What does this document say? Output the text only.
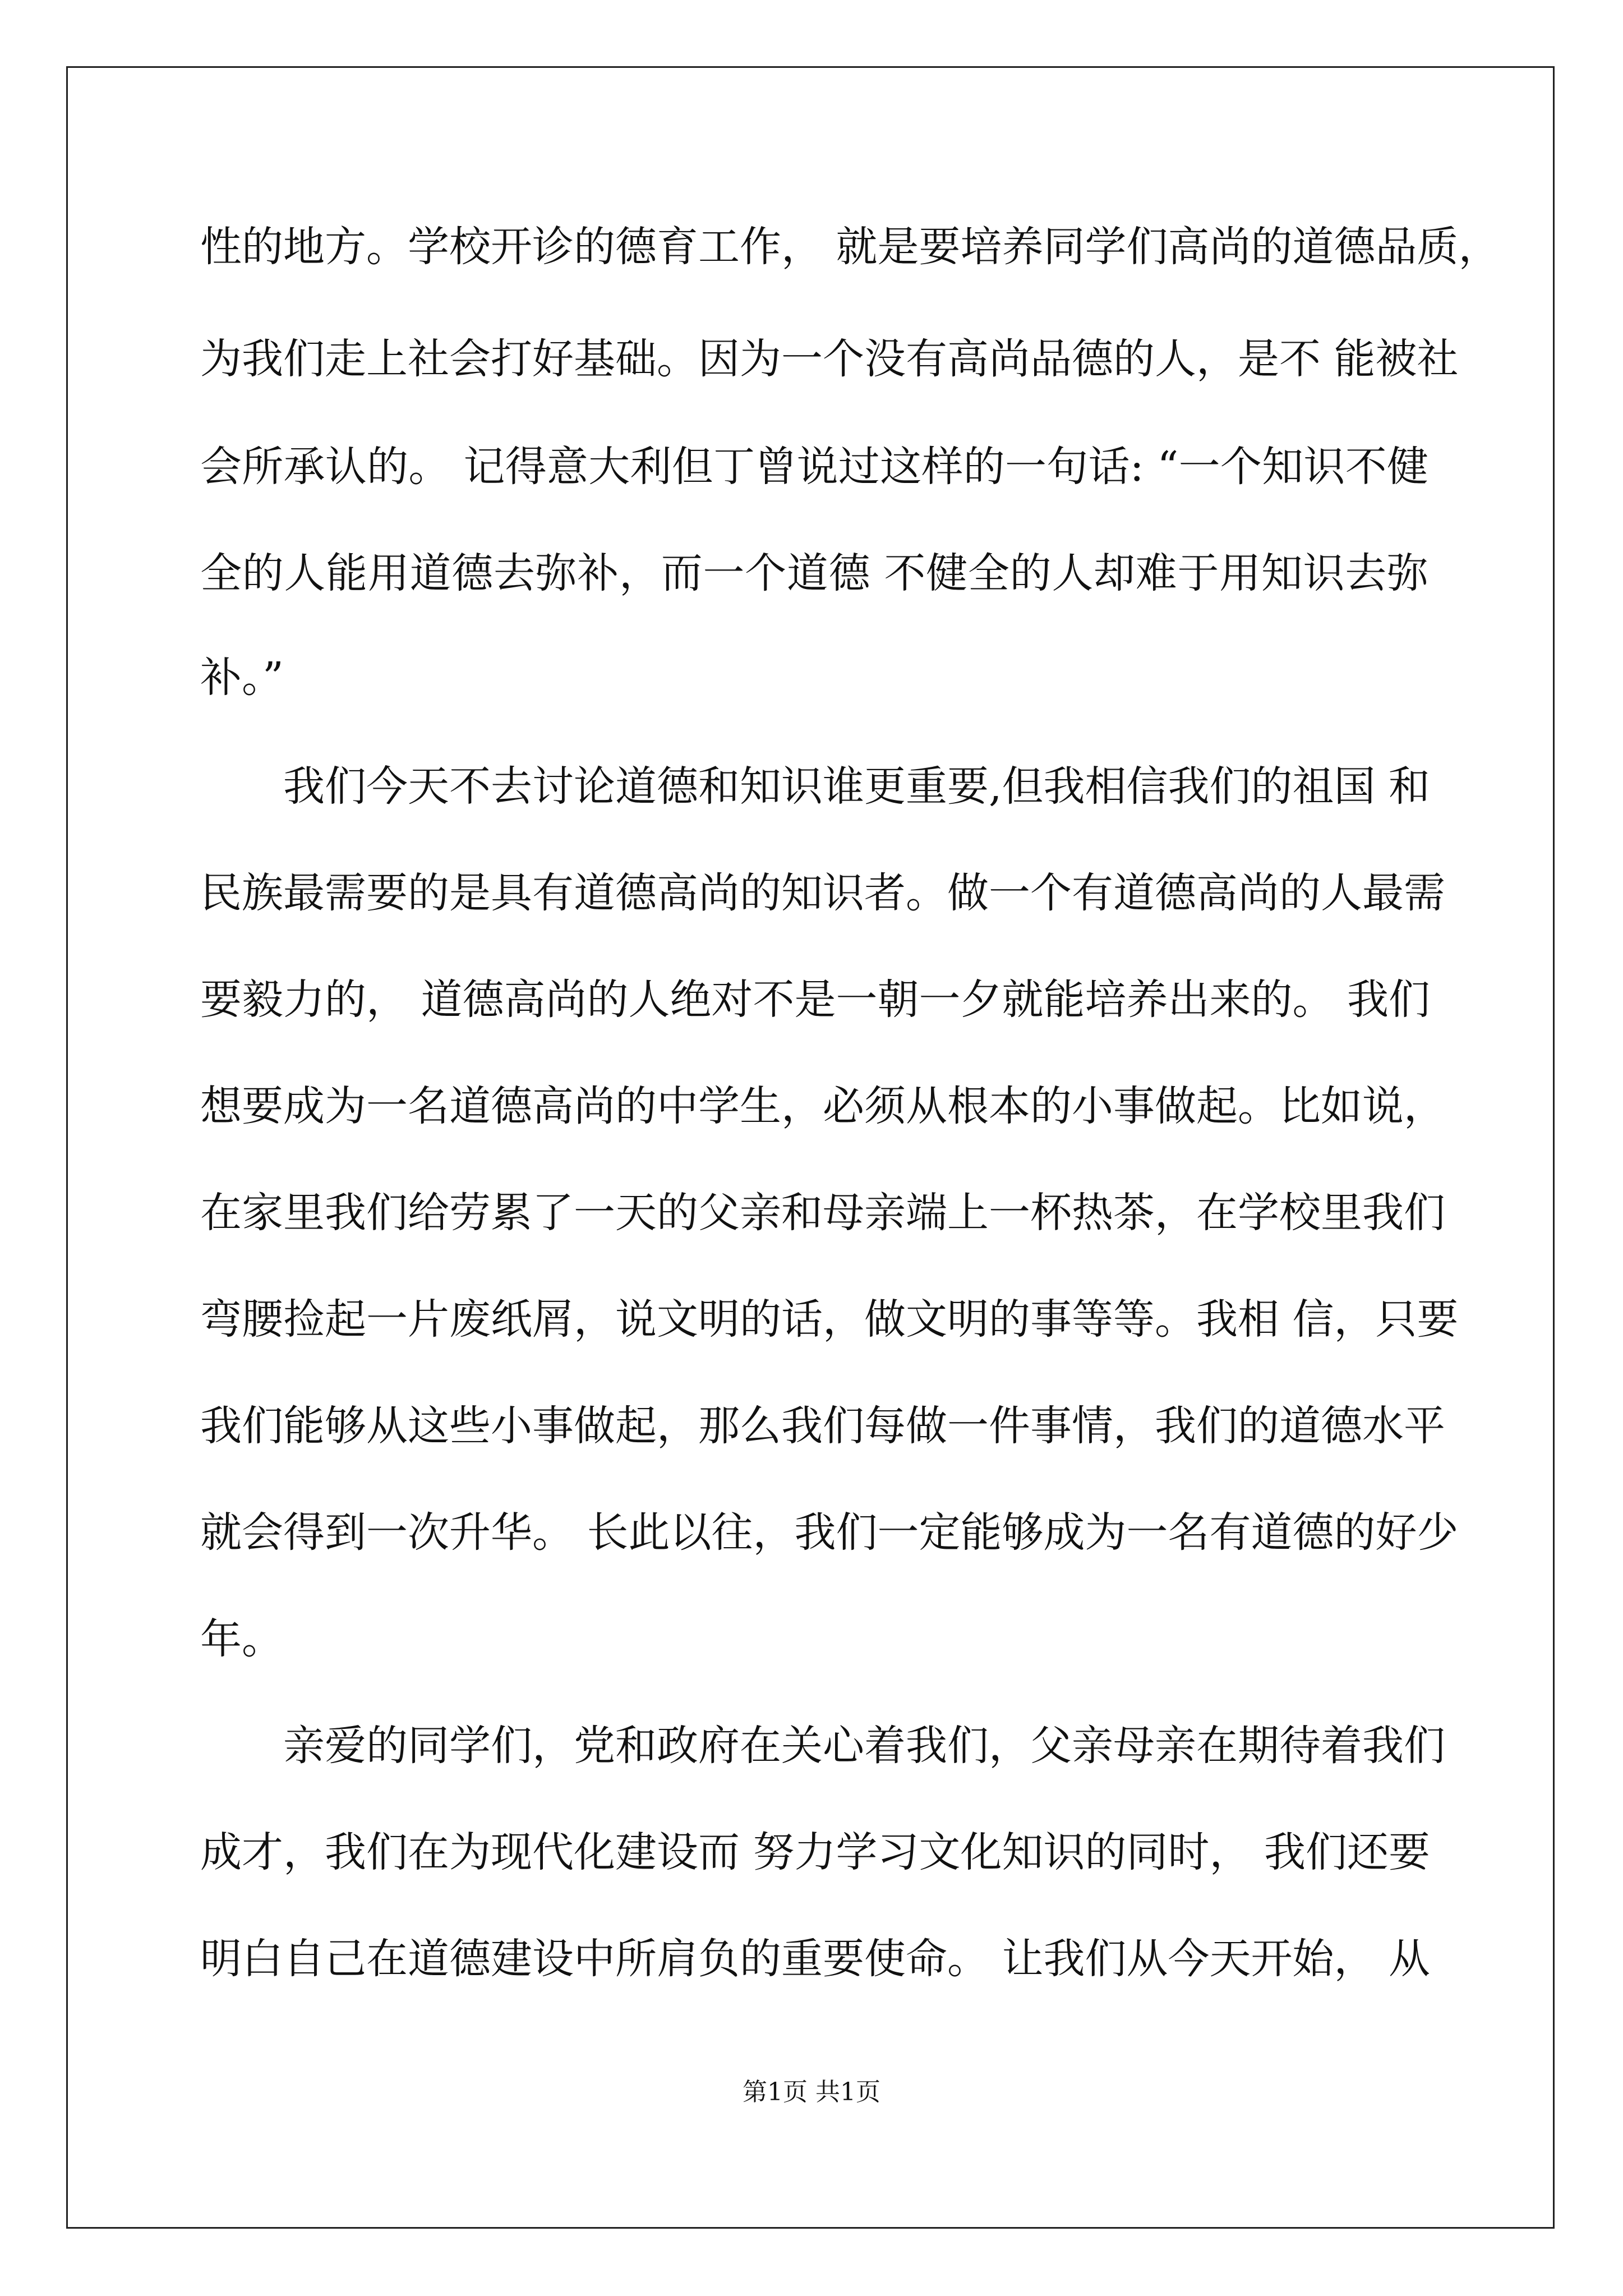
性的地方。学校开诊的德育工作， 就是要培养同学们高尚的道德品质，
为我们走上社会打好基础。因为一个没有高尚品德的人，是不 能被社
会所承认的。 记得意大利但丁曾说过这样的一句话: “一个知识不健
全的人能用道德去弥补，而一个道德 不健全的人却难于用知识去弥
补。”
我们今天不去讨论道德和知识谁更重要,但我相信我们的祖国 和
民族最需要的是具有道德高尚的知识者。做一个有道德高尚的人最需
要毅力的， 道德高尚的人绝对不是一朝一夕就能培养出来的。 我们
想要成为一名道德高尚的中学生，必须从根本的小事做起。比如说，
在家里我们给劳累了一天的父亲和母亲端上一杯热茶，在学校里我们
弯腰捡起一片废纸屑，说文明的话，做文明的事等等。我相 信，只要
我们能够从这些小事做起，那么我们每做一件事情，我们的道德水平
就会得到一次升华。 长此以往，我们一定能够成为一名有道德的好少
年。
亲爱的同学们，党和政府在关心着我们，父亲母亲在期待着我们
成才，我们在为现代化建设而 努力学习文化知识的同时， 我们还要
明白自己在道德建设中所肩负的重要使命。 让我们从今天开始， 从
第1页 共1页
